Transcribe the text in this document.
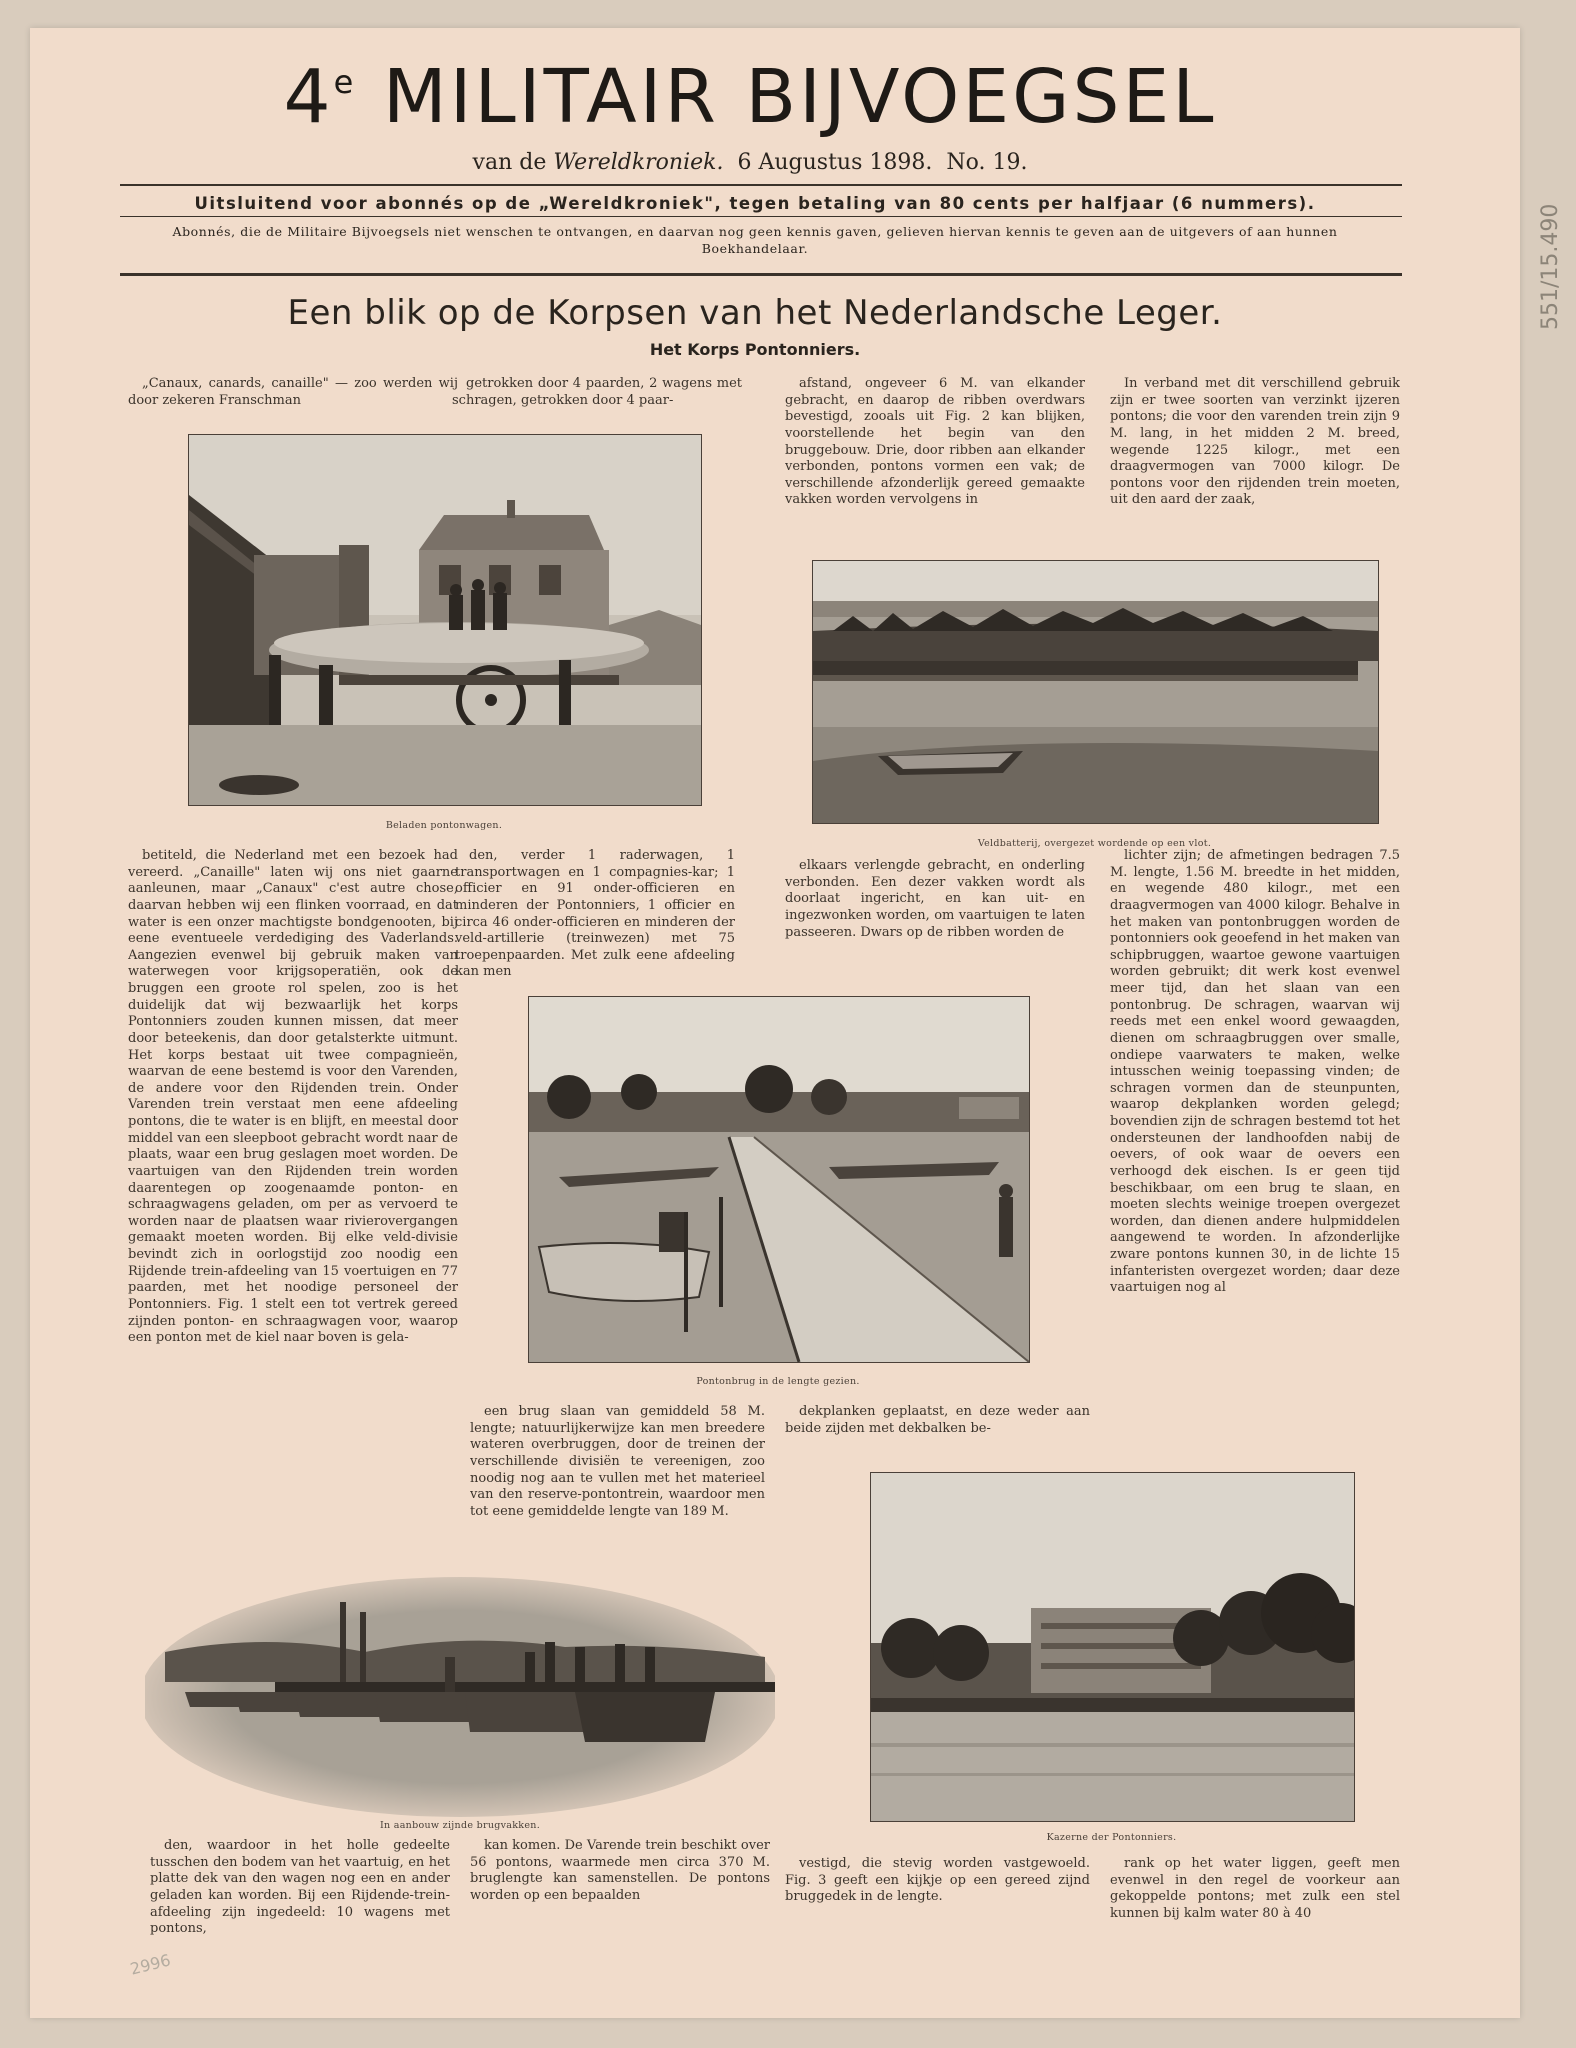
4e MILITAIR BIJVOEGSEL
van de Wereldkroniek. 6 Augustus 1898. No. 19.
Uitsluitend voor abonnés op de „Wereldkroniek", tegen betaling van 80 cents per halfjaar (6 nummers).
Abonnés, die de Militaire Bijvoegsels niet wenschen te ontvangen, en daarvan nog geen kennis gaven, gelieven hiervan kennis te geven aan de uitgevers of aan hunnen Boekhandelaar.
Een blik op de Korpsen van het Nederlandsche Leger.
Het Korps Pontonniers.

„Canaux, canards, canaille" — zoo werden wij door zekeren Franschman

getrokken door 4 paarden, 2 wagens met schragen, getrokken door 4 paar-

afstand, ongeveer 6 M. van elkander gebracht, en daarop de ribben overdwars bevestigd, zooals uit Fig. 2 kan blijken, voorstellende het begin van den bruggebouw. Drie, door ribben aan elkander verbonden, pontons vormen een vak; de verschillende afzonderlijk gereed gemaakte vakken worden vervolgens in

In verband met dit verschillend gebruik zijn er twee soorten van verzinkt ijzeren pontons; die voor den varenden trein zijn 9 M. lang, in het midden 2 M. breed, wegende 1225 kilogr., met een draagvermogen van 7000 kilogr. De pontons voor den rijdenden trein moeten, uit den aard der zaak,

Beladen pontonwagen.
Veldbatterij, overgezet wordende op een vlot.

betiteld, die Nederland met een bezoek had vereerd. „Canaille" laten wij ons niet gaarne aanleunen, maar „Canaux" c'est autre chose, daarvan hebben wij een flinken voorraad, en dat water is een onzer machtigste bondgenooten, bij eene eventueele verdediging des Vaderlands. Aangezien evenwel bij gebruik maken van waterwegen voor krijgsoperatiën, ook de bruggen een groote rol spelen, zoo is het duidelijk dat wij bezwaarlijk het korps Pontonniers zouden kunnen missen, dat meer door beteekenis, dan door getalsterkte uitmunt. Het korps bestaat uit twee compagnieën, waarvan de eene bestemd is voor den Varenden, de andere voor den Rijdenden trein. Onder Varenden trein verstaat men eene afdeeling pontons, die te water is en blijft, en meestal door middel van een sleepboot gebracht wordt naar de plaats, waar een brug geslagen moet worden. De vaartuigen van den Rijdenden trein worden daarentegen op zoogenaamde ponton- en schraagwagens geladen, om per as vervoerd te worden naar de plaatsen waar rivierovergangen gemaakt moeten worden. Bij elke veld-divisie bevindt zich in oorlogstijd zoo noodig een Rijdende trein-afdeeling van 15 voertuigen en 77 paarden, met het noodige personeel der Pontonniers. Fig. 1 stelt een tot vertrek gereed zijnden ponton- en schraagwagen voor, waarop een ponton met de kiel naar boven is gela-

den, verder 1 raderwagen, 1 transportwagen en 1 compagnies-kar; 1 officier en 91 onder-officieren en minderen der Pontonniers, 1 officier en circa 46 onder-officieren en minderen der veld-artillerie (treinwezen) met 75 troepenpaarden. Met zulk eene afdeeling kan men

elkaars verlengde gebracht, en onderling verbonden. Een dezer vakken wordt als doorlaat ingericht, en kan uit- en ingezwonken worden, om vaartuigen te laten passeeren. Dwars op de ribben worden de

lichter zijn; de afmetingen bedragen 7.5 M. lengte, 1.56 M. breedte in het midden, en wegende 480 kilogr., met een draagvermogen van 4000 kilogr. Behalve in het maken van pontonbruggen worden de pontonniers ook geoefend in het maken van schipbruggen, waartoe gewone vaartuigen worden gebruikt; dit werk kost evenwel meer tijd, dan het slaan van een pontonbrug. De schragen, waarvan wij reeds met een enkel woord gewaagden, dienen om schraagbruggen over smalle, ondiepe vaarwaters te maken, welke intusschen weinig toepassing vinden; de schragen vormen dan de steunpunten, waarop dekplanken worden gelegd; bovendien zijn de schragen bestemd tot het ondersteunen der landhoofden nabij de oevers, of ook waar de oevers een verhoogd dek eischen. Is er geen tijd beschikbaar, om een brug te slaan, en moeten slechts weinige troepen overgezet worden, dan dienen andere hulpmiddelen aangewend te worden. In afzonderlijke zware pontons kunnen 30, in de lichte 15 infanteristen overgezet worden; daar deze vaartuigen nog al

Pontonbrug in de lengte gezien.

een brug slaan van gemiddeld 58 M. lengte; natuurlijkerwijze kan men breedere wateren overbruggen, door de treinen der verschillende divisiën te vereenigen, zoo noodig nog aan te vullen met het materieel van den reserve-pontontrein, waardoor men tot eene gemiddelde lengte van 189 M.

dekplanken geplaatst, en deze weder aan beide zijden met dekbalken be-

In aanbouw zijnde brugvakken.
Kazerne der Pontonniers.

den, waardoor in het holle gedeelte tusschen den bodem van het vaartuig, en het platte dek van den wagen nog een en ander geladen kan worden. Bij een Rijdende-trein-afdeeling zijn ingedeeld: 10 wagens met pontons,

kan komen. De Varende trein beschikt over 56 pontons, waarmede men circa 370 M. bruglengte kan samenstellen. De pontons worden op een bepaalden

vestigd, die stevig worden vastgewoeld. Fig. 3 geeft een kijkje op een gereed zijnd bruggedek in de lengte.

rank op het water liggen, geeft men evenwel in den regel de voorkeur aan gekoppelde pontons; met zulk een stel kunnen bij kalm water 80 à 40

551/15.490
2996
